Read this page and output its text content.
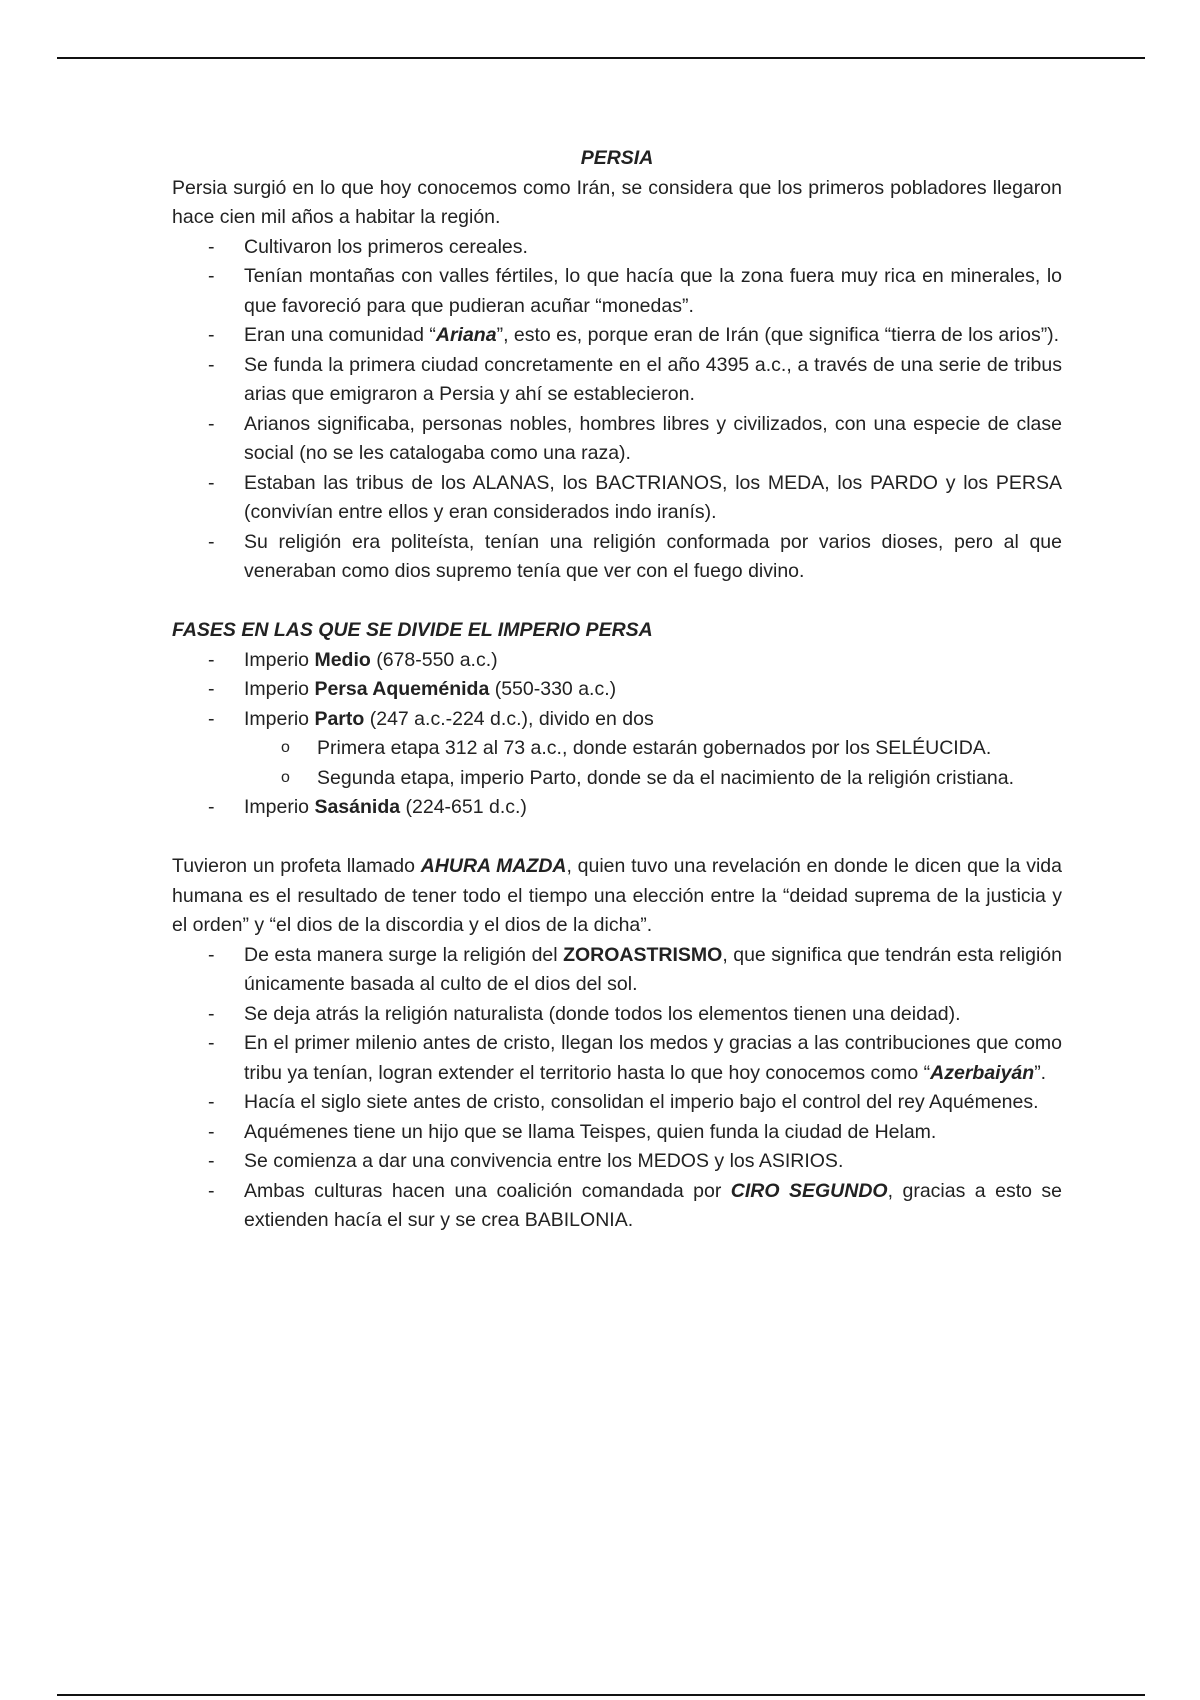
PERSIA

Persia surgió en lo que hoy conocemos como Irán, se considera que los primeros pobladores llegaron hace cien mil años a habitar la región.

- Cultivaron los primeros cereales.
- Tenían montañas con valles fértiles, lo que hacía que la zona fuera muy rica en minerales, lo que favoreció para que pudieran acuñar “monedas”.
- Eran una comunidad “Ariana”, esto es, porque eran de Irán (que significa “tierra de los arios”).
- Se funda la primera ciudad concretamente en el año 4395 a.c., a través de una serie de tribus arias que emigraron a Persia y ahí se establecieron.
- Arianos significaba, personas nobles, hombres libres y civilizados, con una especie de clase social (no se les catalogaba como una raza).
- Estaban las tribus de los ALANAS, los BACTRIANOS, los MEDA, los PARDO y los PERSA (convivían entre ellos y eran considerados indo iranís).
- Su religión era politeísta, tenían una religión conformada por varios dioses, pero al que veneraban como dios supremo tenía que ver con el fuego divino.

FASES EN LAS QUE SE DIVIDE EL IMPERIO PERSA

- Imperio Medio (678-550 a.c.)
- Imperio Persa Aqueménida (550-330 a.c.)
- Imperio Parto (247 a.c.-224 d.c.), divido en dos
o Primera etapa 312 al 73 a.c., donde estarán gobernados por los SELÉUCIDA.
o Segunda etapa, imperio Parto, donde se da el nacimiento de la religión cristiana.
- Imperio Sasánida (224-651 d.c.)

Tuvieron un profeta llamado AHURA MAZDA, quien tuvo una revelación en donde le dicen que la vida humana es el resultado de tener todo el tiempo una elección entre la “deidad suprema de la justicia y el orden” y “el dios de la discordia y el dios de la dicha”.

- De esta manera surge la religión del ZOROASTRISMO, que significa que tendrán esta religión únicamente basada al culto de el dios del sol.
- Se deja atrás la religión naturalista (donde todos los elementos tienen una deidad).
- En el primer milenio antes de cristo, llegan los medos y gracias a las contribuciones que como tribu ya tenían, logran extender el territorio hasta lo que hoy conocemos como “Azerbaiyán”.
- Hacía el siglo siete antes de cristo, consolidan el imperio bajo el control del rey Aquémenes.
- Aquémenes tiene un hijo que se llama Teispes, quien funda la ciudad de Helam.
- Se comienza a dar una convivencia entre los MEDOS y los ASIRIOS.
- Ambas culturas hacen una coalición comandada por CIRO SEGUNDO, gracias a esto se extienden hacía el sur y se crea BABILONIA.
